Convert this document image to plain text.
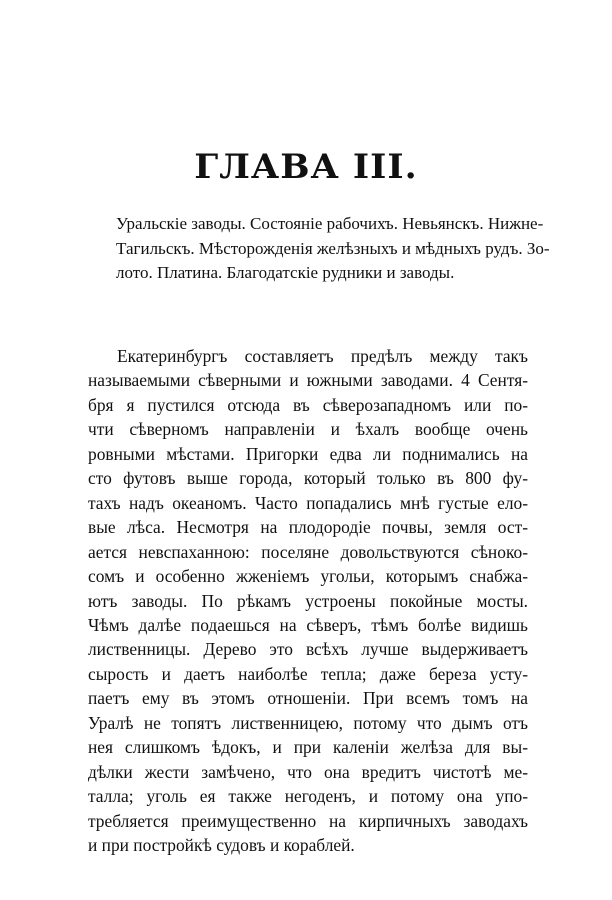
ГЛАВА III.
Уральскіе заводы. Состояніе рабочихъ. Невьянскъ. Нижне-
Тагильскъ. Мѣсторожденія желѣзныхъ и мѣдныхъ рудъ. Зо-
лото. Платина. Благодатскіе рудники и заводы.
Екатеринбургъ составляетъ предѣлъ между такъ
называемыми сѣверными и южными заводами. 4 Сентя-
бря я пустился отсюда въ сѣверозападномъ или по-
чти сѣверномъ направленіи и ѣхалъ вообще очень
ровными мѣстами. Пригорки едва ли поднимались на
сто футовъ выше города, который только въ 800 фу-
тахъ надъ океаномъ. Часто попадались мнѣ густые ело-
вые лѣса. Несмотря на плодородіе почвы, земля ост-
ается невспаханною: поселяне довольствуются сѣноко-
сомъ и особенно жженіемъ угольи, которымъ снабжа-
ютъ заводы. По рѣкамъ устроены покойные мосты.
Чѣмъ далѣе подаешься на сѣверъ, тѣмъ болѣе видишь
лиственницы. Дерево это всѣхъ лучше выдерживаетъ
сырость и даетъ наиболѣе тепла; даже береза усту-
паетъ ему въ этомъ отношеніи. При всемъ томъ на
Уралѣ не топятъ лиственницею, потому что дымъ отъ
нея слишкомъ ѣдокъ, и при каленіи желѣза для вы-
дѣлки жести замѣчено, что она вредитъ чистотѣ ме-
талла; уголь ея также негоденъ, и потому она упо-
требляется преимущественно на кирпичныхъ заводахъ
и при постройкѣ судовъ и кораблей.
